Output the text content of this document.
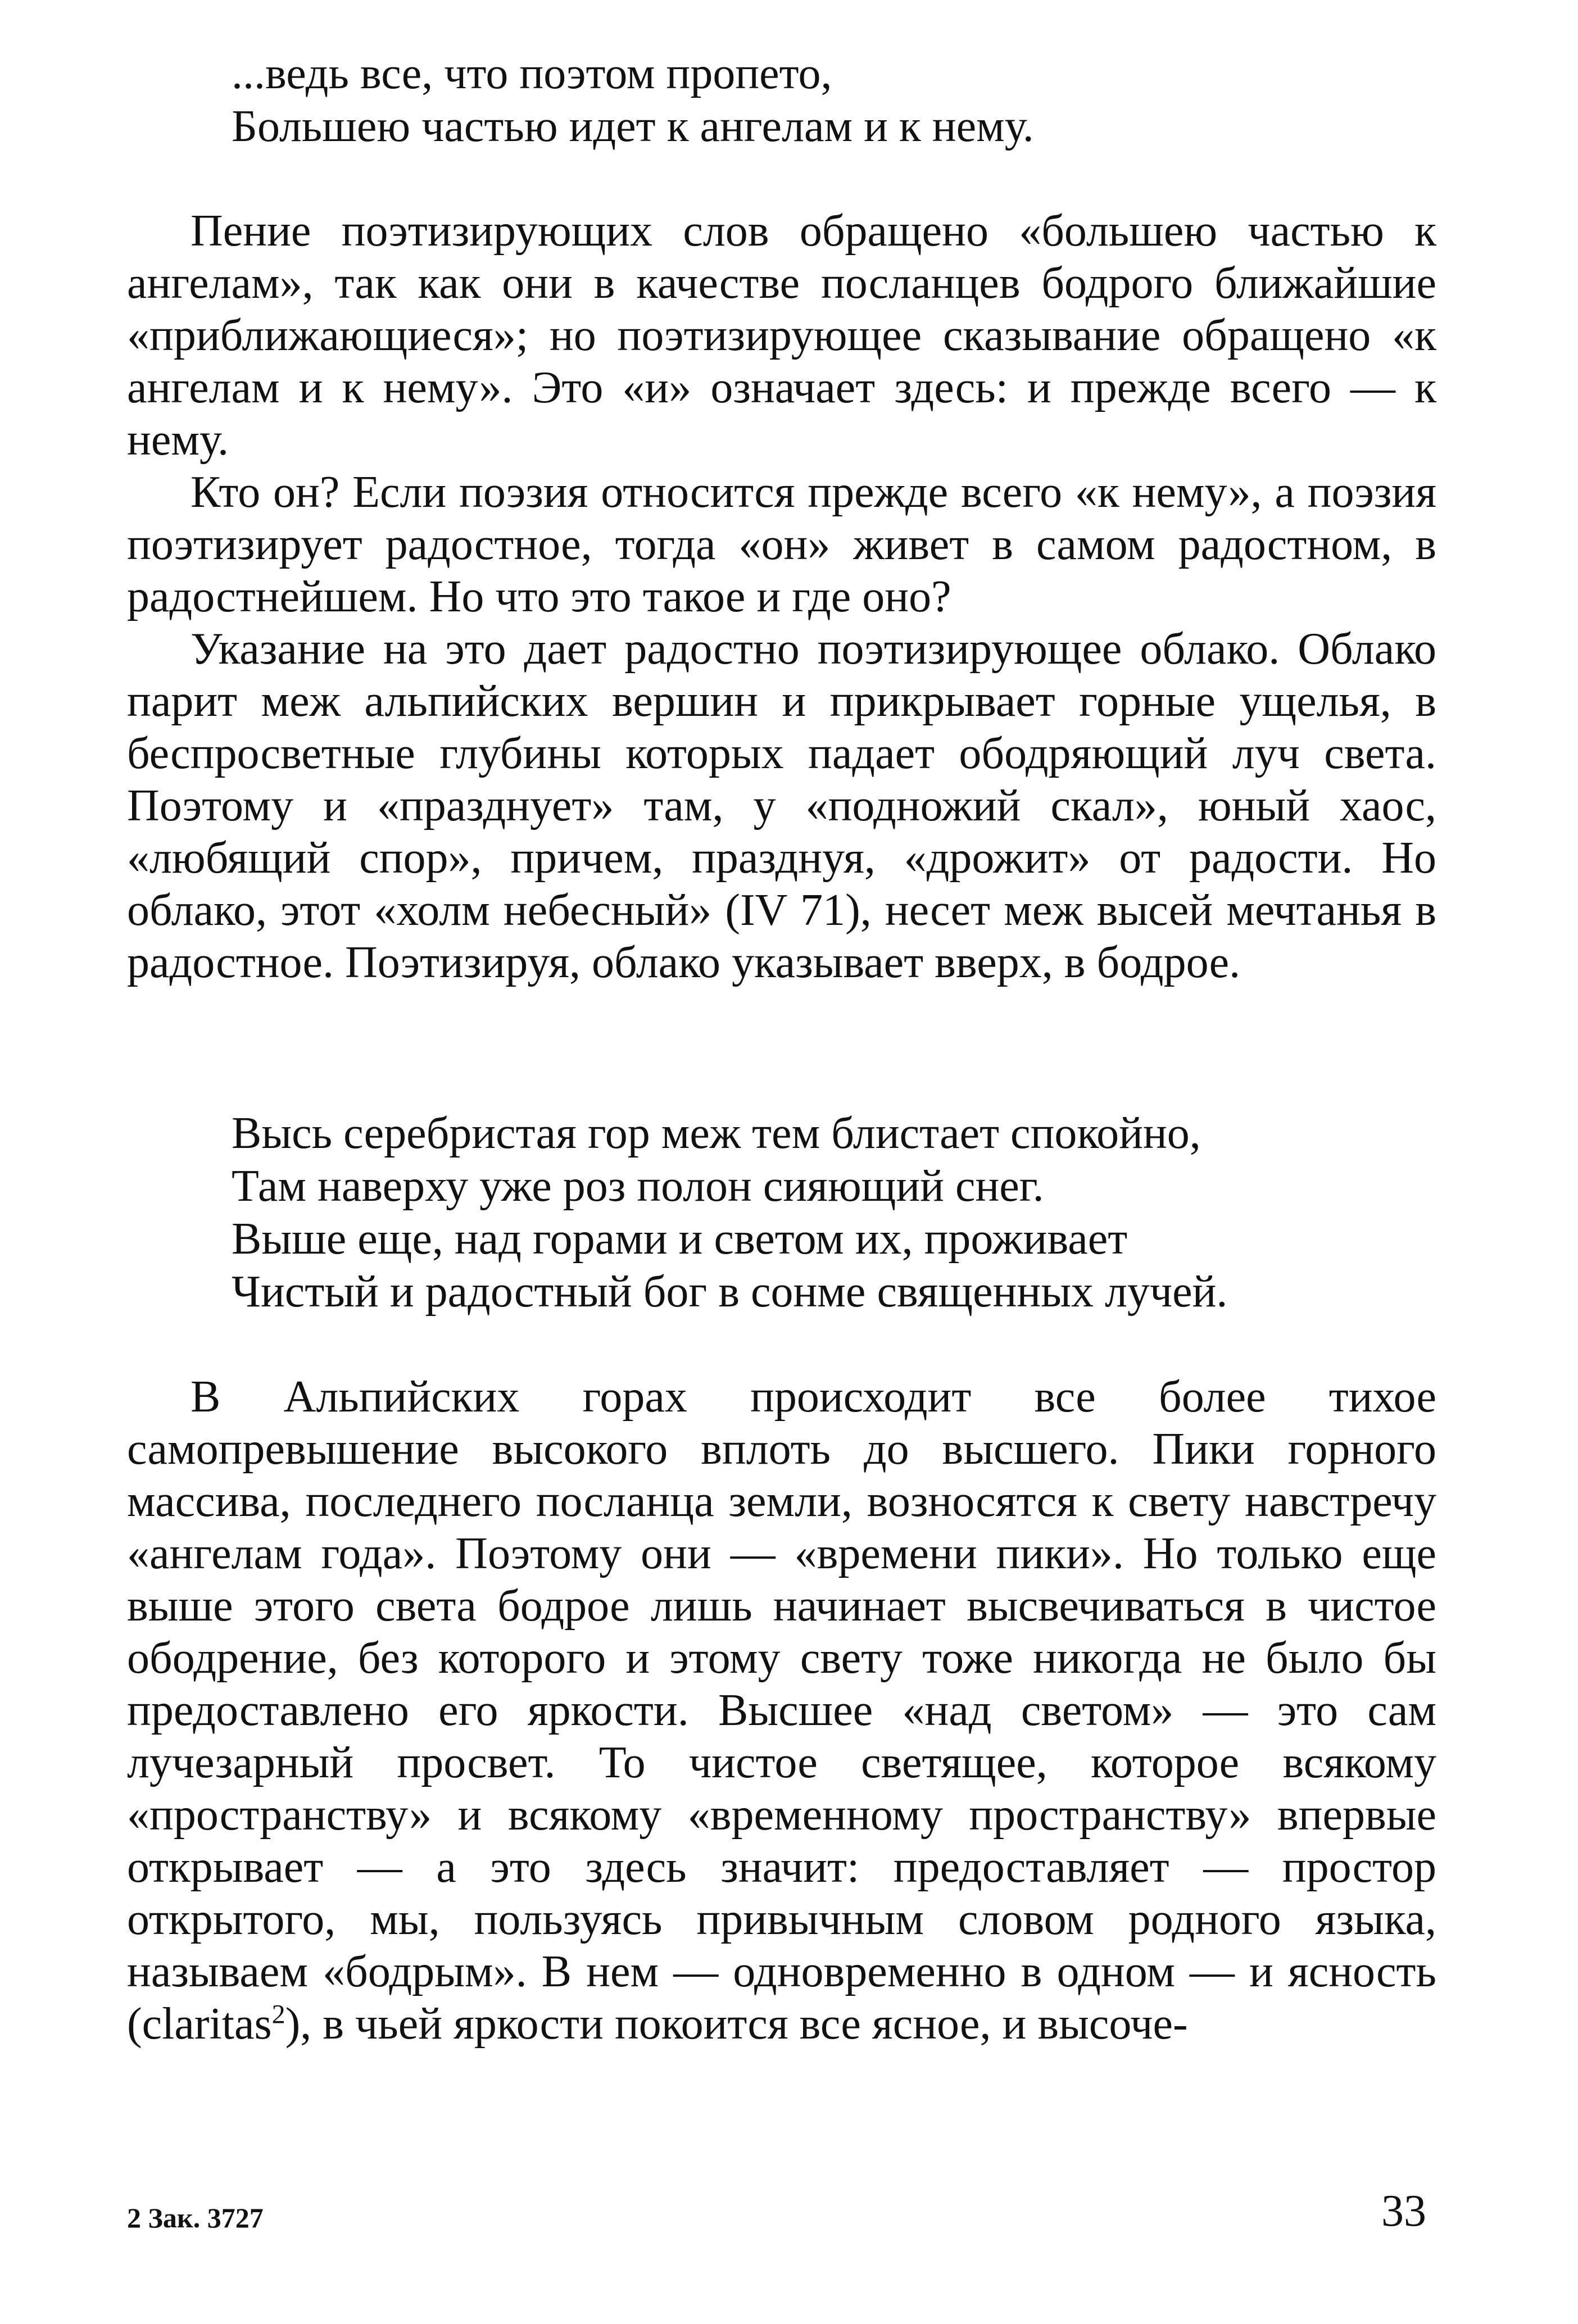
...ведь все, что поэтом пропето,
Большею частью идет к ангелам и к нему.

Пение поэтизирующих слов обращено «большею частью к ангелам», так как они в качестве посланцев бодрого ближайшие «приближающиеся»; но поэтизирующее сказывание обращено «к ангелам и к нему». Это «и» означает здесь: и прежде всего — к нему.

Кто он? Если поэзия относится прежде всего «к нему», а поэзия поэтизирует радостное, тогда «он» живет в самом радостном, в радостнейшем. Но что это такое и где оно?

Указание на это дает радостно поэтизирующее облако. Облако парит меж альпийских вершин и прикрывает горные ущелья, в беспросветные глубины которых падает ободряющий луч света. Поэтому и «празднует» там, у «подножий скал», юный хаос, «любящий спор», причем, празднуя, «дрожит» от радости. Но облако, этот «холм небесный» (IV 71), несет меж высей мечтанья в радостное. Поэтизируя, облако указывает вверх, в бодрое.

Высь серебристая гор меж тем блистает спокойно,
Там наверху уже роз полон сияющий снег.
Выше еще, над горами и светом их, проживает
Чистый и радостный бог в сонме священных лучей.

В Альпийских горах происходит все более тихое самопревышение высокого вплоть до высшего. Пики горного массива, последнего посланца земли, возносятся к свету навстречу «ангелам года». Поэтому они — «времени пики». Но только еще выше этого света бодрое лишь начинает высвечиваться в чистое ободрение, без которого и этому свету тоже никогда не было бы предоставлено его яркости. Высшее «над светом» — это сам лучезарный просвет. То чистое светящее, которое всякому «пространству» и всякому «временному пространству» впервые открывает — а это здесь значит: предоставляет — простор открытого, мы, пользуясь привычным словом родного языка, называем «бодрым». В нем — одновременно в одном — и ясность (claritas$^2$), в чьей яркости покоится все ясное, и высоче-

2 Зак. 3727	33
